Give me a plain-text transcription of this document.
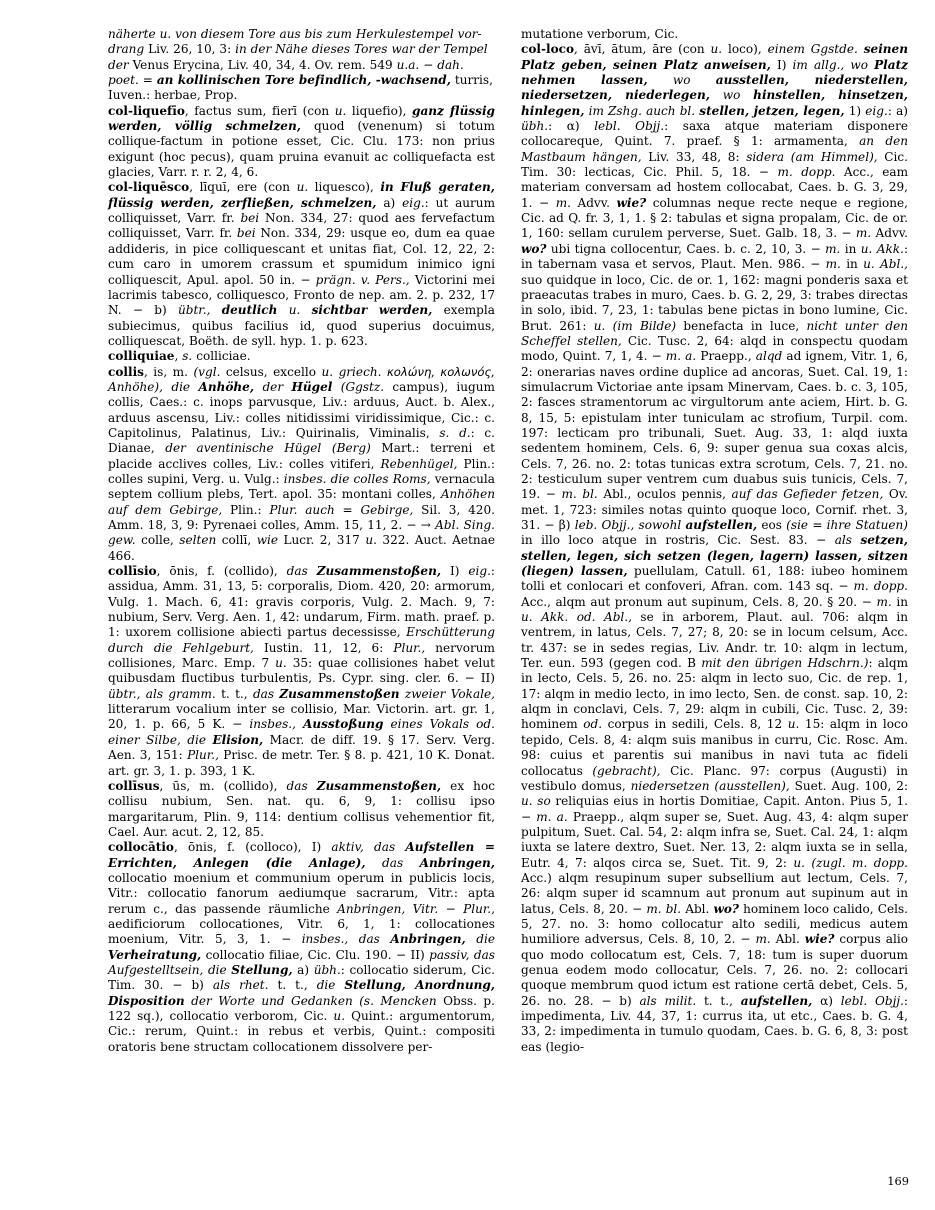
näherte u. von diesem Tore aus bis zum Herkulestempel vor-
drang Liv. 26, 10, 3: in der Nähe dieses Tores war der Tempel
der Venus Erycina, Liv. 40, 34, 4. Ov. rem. 549 u.a. − dah.
poet. = an kollinischen Tore befindlich, -wachsend, turris,
Iuven.: herbae, Prop.

col-liquefīo, factus sum, fierī (con u. liquefio), ganz flüssig werden, völlig schmelzen, quod (venenum) si totum collique-factum in potione esset, Cic. Clu. 173: non prius exigunt (hoc pecus), quam pruina evanuit ac colliquefacta est glacies, Varr. r. r. 2, 4, 6.

col-liquēsco, līquī, ere (con u. liquesco), in Fluß geraten, flüssig werden, zerfließen, schmelzen, a) eig.: ut aurum colliquisset, Varr. fr. bei Non. 334, 27: quod aes fervefactum colliquisset, Varr. fr. bei Non. 334, 29: usque eo, dum ea quae addideris, in pice colliquescant et unitas fiat, Col. 12, 22, 2: cum caro in umorem crassum et spumidum inimico igni colliquescit, Apul. apol. 50 in. − prägn. v. Pers., Victorini mei lacrimis tabesco, colliquesco, Fronto de nep. am. 2. p. 232, 17 N. − b) übtr., deutlich u. sichtbar werden, exempla subiecimus, quibus facilius id, quod superius docuimus, colliquescat, Boëth. de syll. hyp. 1. p. 623.

colliquiae, s. colliciae.

collis, is, m. (vgl. celsus, excello u. griech. κολώνη, κολωνός, Anhöhe), die Anhöhe, der Hügel (Ggstz. campus), iugum collis, Caes.: c. inops parvusque, Liv.: arduus, Auct. b. Alex., arduus ascensu, Liv.: colles nitidissimi viridissimique, Cic.: c. Capitolinus, Palatinus, Liv.: Quirinalis, Viminalis, s. d.: c. Dianae, der aventinische Hügel (Berg) Mart.: terreni et placide acclives colles, Liv.: colles vitiferi, Rebenhügel, Plin.: colles supini, Verg. u. Vulg.: insbes. die colles Roms, vernacula septem collium plebs, Tert. apol. 35: montani colles, Anhöhen auf dem Gebirge, Plin.: Plur. auch = Gebirge, Sil. 3, 420. Amm. 18, 3, 9: Pyrenaei colles, Amm. 15, 11, 2. − → Abl. Sing. gew. colle, selten collī, wie Lucr. 2, 317 u. 322. Auct. Aetnae 466.

collīsio, ōnis, f. (collido), das Zusammenstoßen, I) eig.: assidua, Amm. 31, 13, 5: corporalis, Diom. 420, 20: armorum, Vulg. 1. Mach. 6, 41: gravis corporis, Vulg. 2. Mach. 9, 7: nubium, Serv. Verg. Aen. 1, 42: undarum, Firm. math. praef. p. 1: uxorem collisione abiecti partus decessisse, Erschütterung durch die Fehlgeburt, Iustin. 11, 12, 6: Plur., nervorum collisiones, Marc. Emp. 7 u. 35: quae collisiones habet velut quibusdam fluctibus turbulentis, Ps. Cypr. sing. cler. 6. − II) übtr., als gramm. t. t., das Zusammenstoßen zweier Vokale, litterarum vocalium inter se collisio, Mar. Victorin. art. gr. 1, 20, 1. p. 66, 5 K. − insbes., Ausstoßung eines Vokals od. einer Silbe, die Elision, Macr. de diff. 19. § 17. Serv. Verg. Aen. 3, 151: Plur., Prisc. de metr. Ter. § 8. p. 421, 10 K. Donat. art. gr. 3, 1. p. 393, 1 K.

collīsus, ūs, m. (collido), das Zusammenstoßen, ex hoc collisu nubium, Sen. nat. qu. 6, 9, 1: collisu ipso margaritarum, Plin. 9, 114: dentium collisus vehementior fit, Cael. Aur. acut. 2, 12, 85.

collocātio, ōnis, f. (colloco), I) aktiv, das Aufstellen = Errichten, Anlegen (die Anlage), das Anbringen, collocatio moenium et communium operum in publicis locis, Vitr.: collocatio fanorum aediumque sacrarum, Vitr.: apta rerum c., das passende räumliche Anbringen, Vitr. − Plur., aedificiorum collocationes, Vitr. 6, 1, 1: collocationes moenium, Vitr. 5, 3, 1. − insbes., das Anbringen, die Verheiratung, collocatio filiae, Cic. Clu. 190. − II) passiv, das Aufgestelltsein, die Stellung, a) übh.: collocatio siderum, Cic. Tim. 30. − b) als rhet. t. t., die Stellung, Anordnung, Disposition der Worte und Gedanken (s. Mencken Obss. p. 122 sq.), collocatio verborom, Cic. u. Quint.: argumentorum, Cic.: rerum, Quint.: in rebus et verbis, Quint.: compositi oratoris bene structam collocationem dissolvere per-

mutatione verborum, Cic.

col-loco, āvī, ātum, āre (con u. loco), einem Ggstde. seinen Platz geben, seinen Platz anweisen, I) im allg., wo Platz nehmen lassen, wo ausstellen, niederstellen, niedersetzen, niederlegen, wo hinstellen, hinsetzen, hinlegen, im Zshg. auch bl. stellen, jetzen, legen, 1) eig.: a) übh.: α) lebl. Objj.: saxa atque materiam disponere collocareque, Quint. 7. praef. § 1: armamenta, an den Mastbaum hängen, Liv. 33, 48, 8: sidera (am Himmel), Cic. Tim. 30: lecticas, Cic. Phil. 5, 18. − m. dopp. Acc., eam materiam conversam ad hostem collocabat, Caes. b. G. 3, 29, 1. − m. Advv. wie? columnas neque recte neque e regione, Cic. ad Q. fr. 3, 1, 1. § 2: tabulas et signa propalam, Cic. de or. 1, 160: sellam curulem perverse, Suet. Galb. 18, 3. − m. Advv. wo? ubi tigna collocentur, Caes. b. c. 2, 10, 3. − m. in u. Akk.: in tabernam vasa et servos, Plaut. Men. 986. − m. in u. Abl., suo quidque in loco, Cic. de or. 1, 162: magni ponderis saxa et praeacutas trabes in muro, Caes. b. G. 2, 29, 3: trabes directas in solo, ibid. 7, 23, 1: tabulas bene pictas in bono lumine, Cic. Brut. 261: u. (im Bilde) benefacta in luce, nicht unter den Scheffel stellen, Cic. Tusc. 2, 64: alqd in conspectu quodam modo, Quint. 7, 1, 4. − m. a. Praepp., alqd ad ignem, Vitr. 1, 6, 2: onerarias naves ordine duplice ad ancoras, Suet. Cal. 19, 1: simulacrum Victoriae ante ipsam Minervam, Caes. b. c. 3, 105, 2: fasces stramentorum ac virgultorum ante aciem, Hirt. b. G. 8, 15, 5: epistulam inter tuniculam ac strofium, Turpil. com. 197: lecticam pro tribunali, Suet. Aug. 33, 1: alqd iuxta sedentem hominem, Cels. 6, 9: super genua sua coxas alcis, Cels. 7, 26. no. 2: totas tunicas extra scrotum, Cels. 7, 21. no. 2: testiculum super ventrem cum duabus suis tunicis, Cels. 7, 19. − m. bl. Abl., oculos pennis, auf das Gefieder fetzen, Ov. met. 1, 723: similes notas quinto quoque loco, Cornif. rhet. 3, 31. − β) leb. Objj., sowohl aufstellen, eos (sie = ihre Statuen) in illo loco atque in rostris, Cic. Sest. 83. − als setzen, stellen, legen, sich setzen (legen, lagern) lassen, sitzen (liegen) lassen, puellulam, Catull. 61, 188: iubeo hominem tolli et conlocari et confoveri, Afran. com. 143 sq. − m. dopp. Acc., alqm aut pronum aut supinum, Cels. 8, 20. § 20. − m. in u. Akk. od. Abl., se in arborem, Plaut. aul. 706: alqm in ventrem, in latus, Cels. 7, 27; 8, 20: se in locum celsum, Acc. tr. 437: se in sedes regias, Liv. Andr. tr. 10: alqm in lectum, Ter. eun. 593 (gegen cod. B mit den übrigen Hdschrn.): alqm in lecto, Cels. 5, 26. no. 25: alqm in lecto suo, Cic. de rep. 1, 17: alqm in medio lecto, in imo lecto, Sen. de const. sap. 10, 2: alqm in conclavi, Cels. 7, 29: alqm in cubili, Cic. Tusc. 2, 39: hominem od. corpus in sedili, Cels. 8, 12 u. 15: alqm in loco tepido, Cels. 8, 4: alqm suis manibus in curru, Cic. Rosc. Am. 98: cuius et parentis sui manibus in navi tuta ac fideli collocatus (gebracht), Cic. Planc. 97: corpus (Augusti) in vestibulo domus, niedersetzen (ausstellen), Suet. Aug. 100, 2: u. so reliquias eius in hortis Domitiae, Capit. Anton. Pius 5, 1. − m. a. Praepp., alqm super se, Suet. Aug. 43, 4: alqm super pulpitum, Suet. Cal. 54, 2: alqm infra se, Suet. Cal. 24, 1: alqm iuxta se latere dextro, Suet. Ner. 13, 2: alqm iuxta se in sella, Eutr. 4, 7: alqos circa se, Suet. Tit. 9, 2: u. (zugl. m. dopp. Acc.) alqm resupinum super subsellium aut lectum, Cels. 7, 26: alqm super id scamnum aut pronum aut supinum aut in latus, Cels. 8, 20. − m. bl. Abl. wo? hominem loco calido, Cels. 5, 27. no. 3: homo collocatur alto sedili, medicus autem humiliore adversus, Cels. 8, 10, 2. − m. Abl. wie? corpus alio quo modo collocatum est, Cels. 7, 18: tum is super duorum genua eodem modo collocatur, Cels. 7, 26. no. 2: collocari quoque membrum quod ictum est ratione certā debet, Cels. 5, 26. no. 28. − b) als milit. t. t., aufstellen, α) lebl. Objj.: impedimenta, Liv. 44, 37, 1: currus ita, ut etc., Caes. b. G. 4, 33, 2: impedimenta in tumulo quodam, Caes. b. G. 6, 8, 3: post eas (legio-

169
